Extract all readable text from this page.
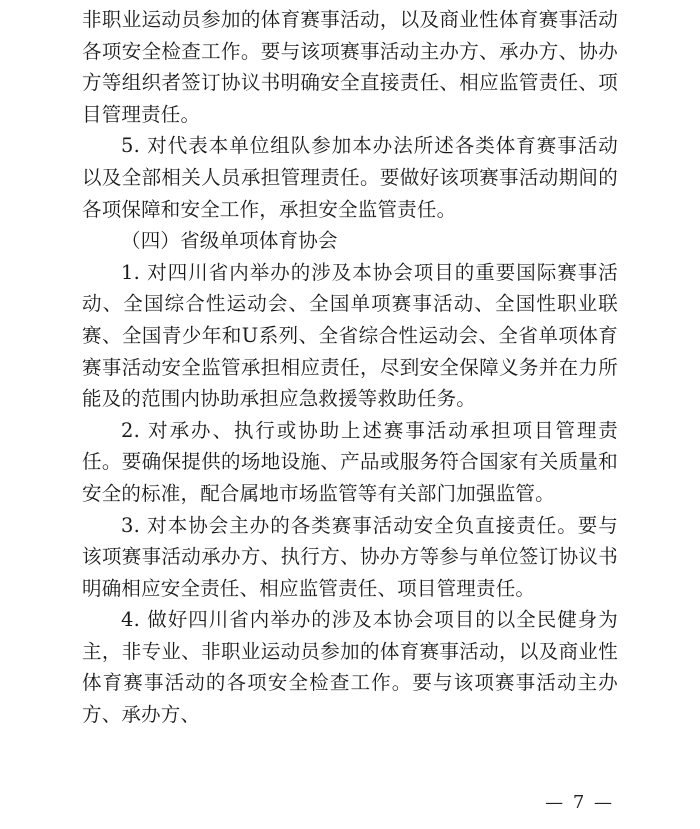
非职业运动员参加的体育赛事活动，以及商业性体育赛事活动各项安全检查工作。要与该项赛事活动主办方、承办方、协办方等组织者签订协议书明确安全直接责任、相应监管责任、项目管理责任。

5. 对代表本单位组队参加本办法所述各类体育赛事活动以及全部相关人员承担管理责任。要做好该项赛事活动期间的各项保障和安全工作，承担安全监管责任。

（四）省级单项体育协会

1. 对四川省内举办的涉及本协会项目的重要国际赛事活动、全国综合性运动会、全国单项赛事活动、全国性职业联赛、全国青少年和U系列、全省综合性运动会、全省单项体育赛事活动安全监管承担相应责任，尽到安全保障义务并在力所能及的范围内协助承担应急救援等救助任务。

2. 对承办、执行或协助上述赛事活动承担项目管理责任。要确保提供的场地设施、产品或服务符合国家有关质量和安全的标准，配合属地市场监管等有关部门加强监管。

3. 对本协会主办的各类赛事活动安全负直接责任。要与该项赛事活动承办方、执行方、协办方等参与单位签订协议书明确相应安全责任、相应监管责任、项目管理责任。

4. 做好四川省内举办的涉及本协会项目的以全民健身为主，非专业、非职业运动员参加的体育赛事活动，以及商业性体育赛事活动的各项安全检查工作。要与该项赛事活动主办方、承办方、

— 7 —
